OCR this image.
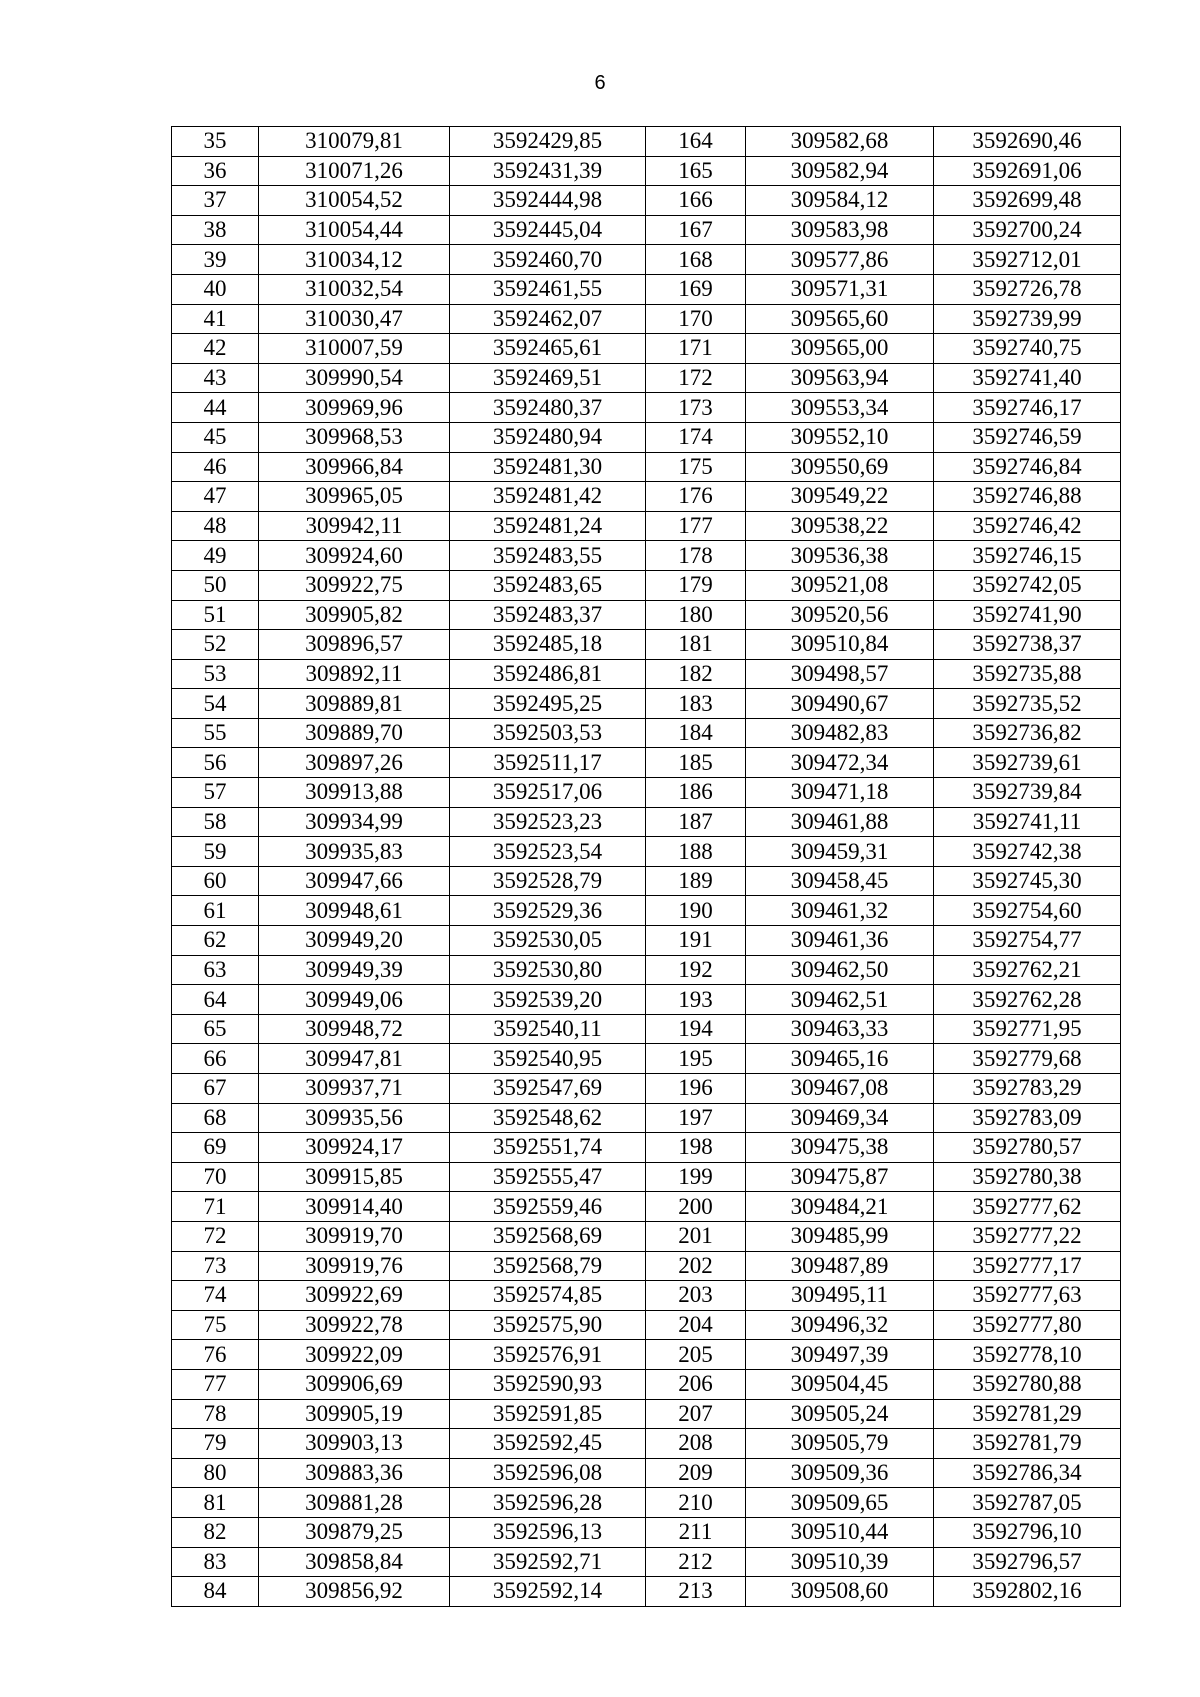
6
35	310079,81	3592429,85	164	309582,68	3592690,46
36	310071,26	3592431,39	165	309582,94	3592691,06
37	310054,52	3592444,98	166	309584,12	3592699,48
38	310054,44	3592445,04	167	309583,98	3592700,24
39	310034,12	3592460,70	168	309577,86	3592712,01
40	310032,54	3592461,55	169	309571,31	3592726,78
41	310030,47	3592462,07	170	309565,60	3592739,99
42	310007,59	3592465,61	171	309565,00	3592740,75
43	309990,54	3592469,51	172	309563,94	3592741,40
44	309969,96	3592480,37	173	309553,34	3592746,17
45	309968,53	3592480,94	174	309552,10	3592746,59
46	309966,84	3592481,30	175	309550,69	3592746,84
47	309965,05	3592481,42	176	309549,22	3592746,88
48	309942,11	3592481,24	177	309538,22	3592746,42
49	309924,60	3592483,55	178	309536,38	3592746,15
50	309922,75	3592483,65	179	309521,08	3592742,05
51	309905,82	3592483,37	180	309520,56	3592741,90
52	309896,57	3592485,18	181	309510,84	3592738,37
53	309892,11	3592486,81	182	309498,57	3592735,88
54	309889,81	3592495,25	183	309490,67	3592735,52
55	309889,70	3592503,53	184	309482,83	3592736,82
56	309897,26	3592511,17	185	309472,34	3592739,61
57	309913,88	3592517,06	186	309471,18	3592739,84
58	309934,99	3592523,23	187	309461,88	3592741,11
59	309935,83	3592523,54	188	309459,31	3592742,38
60	309947,66	3592528,79	189	309458,45	3592745,30
61	309948,61	3592529,36	190	309461,32	3592754,60
62	309949,20	3592530,05	191	309461,36	3592754,77
63	309949,39	3592530,80	192	309462,50	3592762,21
64	309949,06	3592539,20	193	309462,51	3592762,28
65	309948,72	3592540,11	194	309463,33	3592771,95
66	309947,81	3592540,95	195	309465,16	3592779,68
67	309937,71	3592547,69	196	309467,08	3592783,29
68	309935,56	3592548,62	197	309469,34	3592783,09
69	309924,17	3592551,74	198	309475,38	3592780,57
70	309915,85	3592555,47	199	309475,87	3592780,38
71	309914,40	3592559,46	200	309484,21	3592777,62
72	309919,70	3592568,69	201	309485,99	3592777,22
73	309919,76	3592568,79	202	309487,89	3592777,17
74	309922,69	3592574,85	203	309495,11	3592777,63
75	309922,78	3592575,90	204	309496,32	3592777,80
76	309922,09	3592576,91	205	309497,39	3592778,10
77	309906,69	3592590,93	206	309504,45	3592780,88
78	309905,19	3592591,85	207	309505,24	3592781,29
79	309903,13	3592592,45	208	309505,79	3592781,79
80	309883,36	3592596,08	209	309509,36	3592786,34
81	309881,28	3592596,28	210	309509,65	3592787,05
82	309879,25	3592596,13	211	309510,44	3592796,10
83	309858,84	3592592,71	212	309510,39	3592796,57
84	309856,92	3592592,14	213	309508,60	3592802,16
